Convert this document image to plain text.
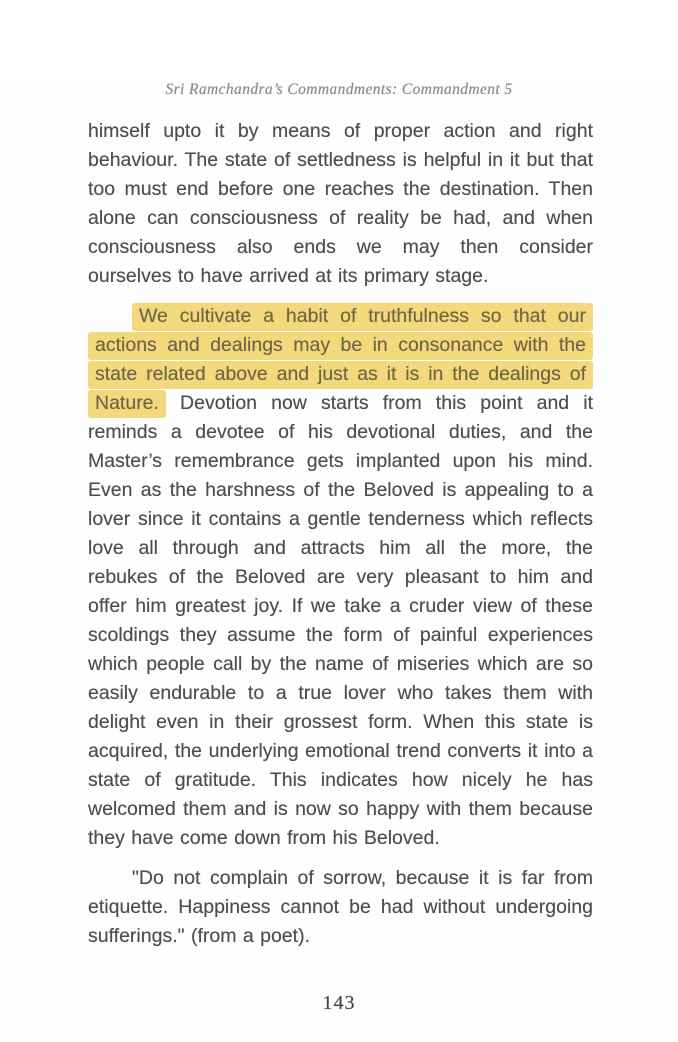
Sri Ramchandra’s Commandments: Commandment 5

himself upto it by means of proper action and right behaviour. The state of settledness is helpful in it but that too must end before one reaches the destination. Then alone can consciousness of reality be had, and when consciousness also ends we may then consider ourselves to have arrived at its primary stage.

We cultivate a habit of truthfulness so that our actions and dealings may be in consonance with the state related above and just as it is in the dealings of Nature. Devotion now starts from this point and it reminds a devotee of his devotional duties, and the Master’s remembrance gets implanted upon his mind. Even as the harshness of the Beloved is appealing to a lover since it contains a gentle tenderness which reflects love all through and attracts him all the more, the rebukes of the Beloved are very pleasant to him and offer him greatest joy. If we take a cruder view of these scoldings they assume the form of painful experiences which people call by the name of miseries which are so easily endurable to a true lover who takes them with delight even in their grossest form. When this state is acquired, the underlying emotional trend converts it into a state of gratitude. This indicates how nicely he has welcomed them and is now so happy with them because they have come down from his Beloved.

"Do not complain of sorrow, because it is far from etiquette. Happiness cannot be had without undergoing sufferings." (from a poet).

143
